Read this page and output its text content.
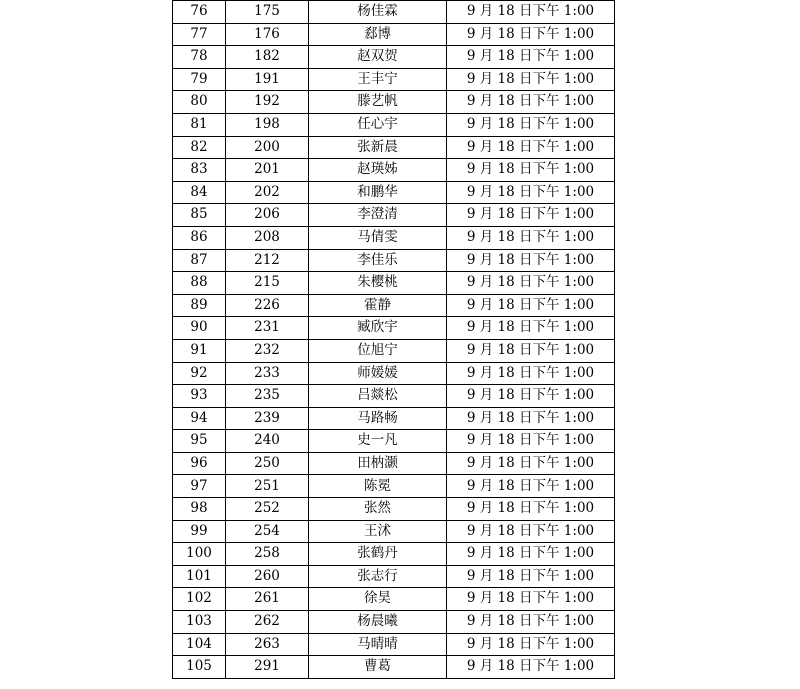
76	175	杨佳霖	9 月 18 日下午 1:00
77	176	郄博	9 月 18 日下午 1:00
78	182	赵双贺	9 月 18 日下午 1:00
79	191	王丰宁	9 月 18 日下午 1:00
80	192	滕艺帆	9 月 18 日下午 1:00
81	198	任心宇	9 月 18 日下午 1:00
82	200	张新晨	9 月 18 日下午 1:00
83	201	赵瑛姊	9 月 18 日下午 1:00
84	202	和鹏华	9 月 18 日下午 1:00
85	206	李澄清	9 月 18 日下午 1:00
86	208	马倩雯	9 月 18 日下午 1:00
87	212	李佳乐	9 月 18 日下午 1:00
88	215	朱樱桃	9 月 18 日下午 1:00
89	226	霍静	9 月 18 日下午 1:00
90	231	臧欣宇	9 月 18 日下午 1:00
91	232	位旭宁	9 月 18 日下午 1:00
92	233	师媛媛	9 月 18 日下午 1:00
93	235	吕燚松	9 月 18 日下午 1:00
94	239	马路畅	9 月 18 日下午 1:00
95	240	史一凡	9 月 18 日下午 1:00
96	250	田枘灏	9 月 18 日下午 1:00
97	251	陈冕	9 月 18 日下午 1:00
98	252	张然	9 月 18 日下午 1:00
99	254	王沭	9 月 18 日下午 1:00
100	258	张鹤丹	9 月 18 日下午 1:00
101	260	张志行	9 月 18 日下午 1:00
102	261	徐昊	9 月 18 日下午 1:00
103	262	杨晨曦	9 月 18 日下午 1:00
104	263	马晴晴	9 月 18 日下午 1:00
105	291	曹葛	9 月 18 日下午 1:00
